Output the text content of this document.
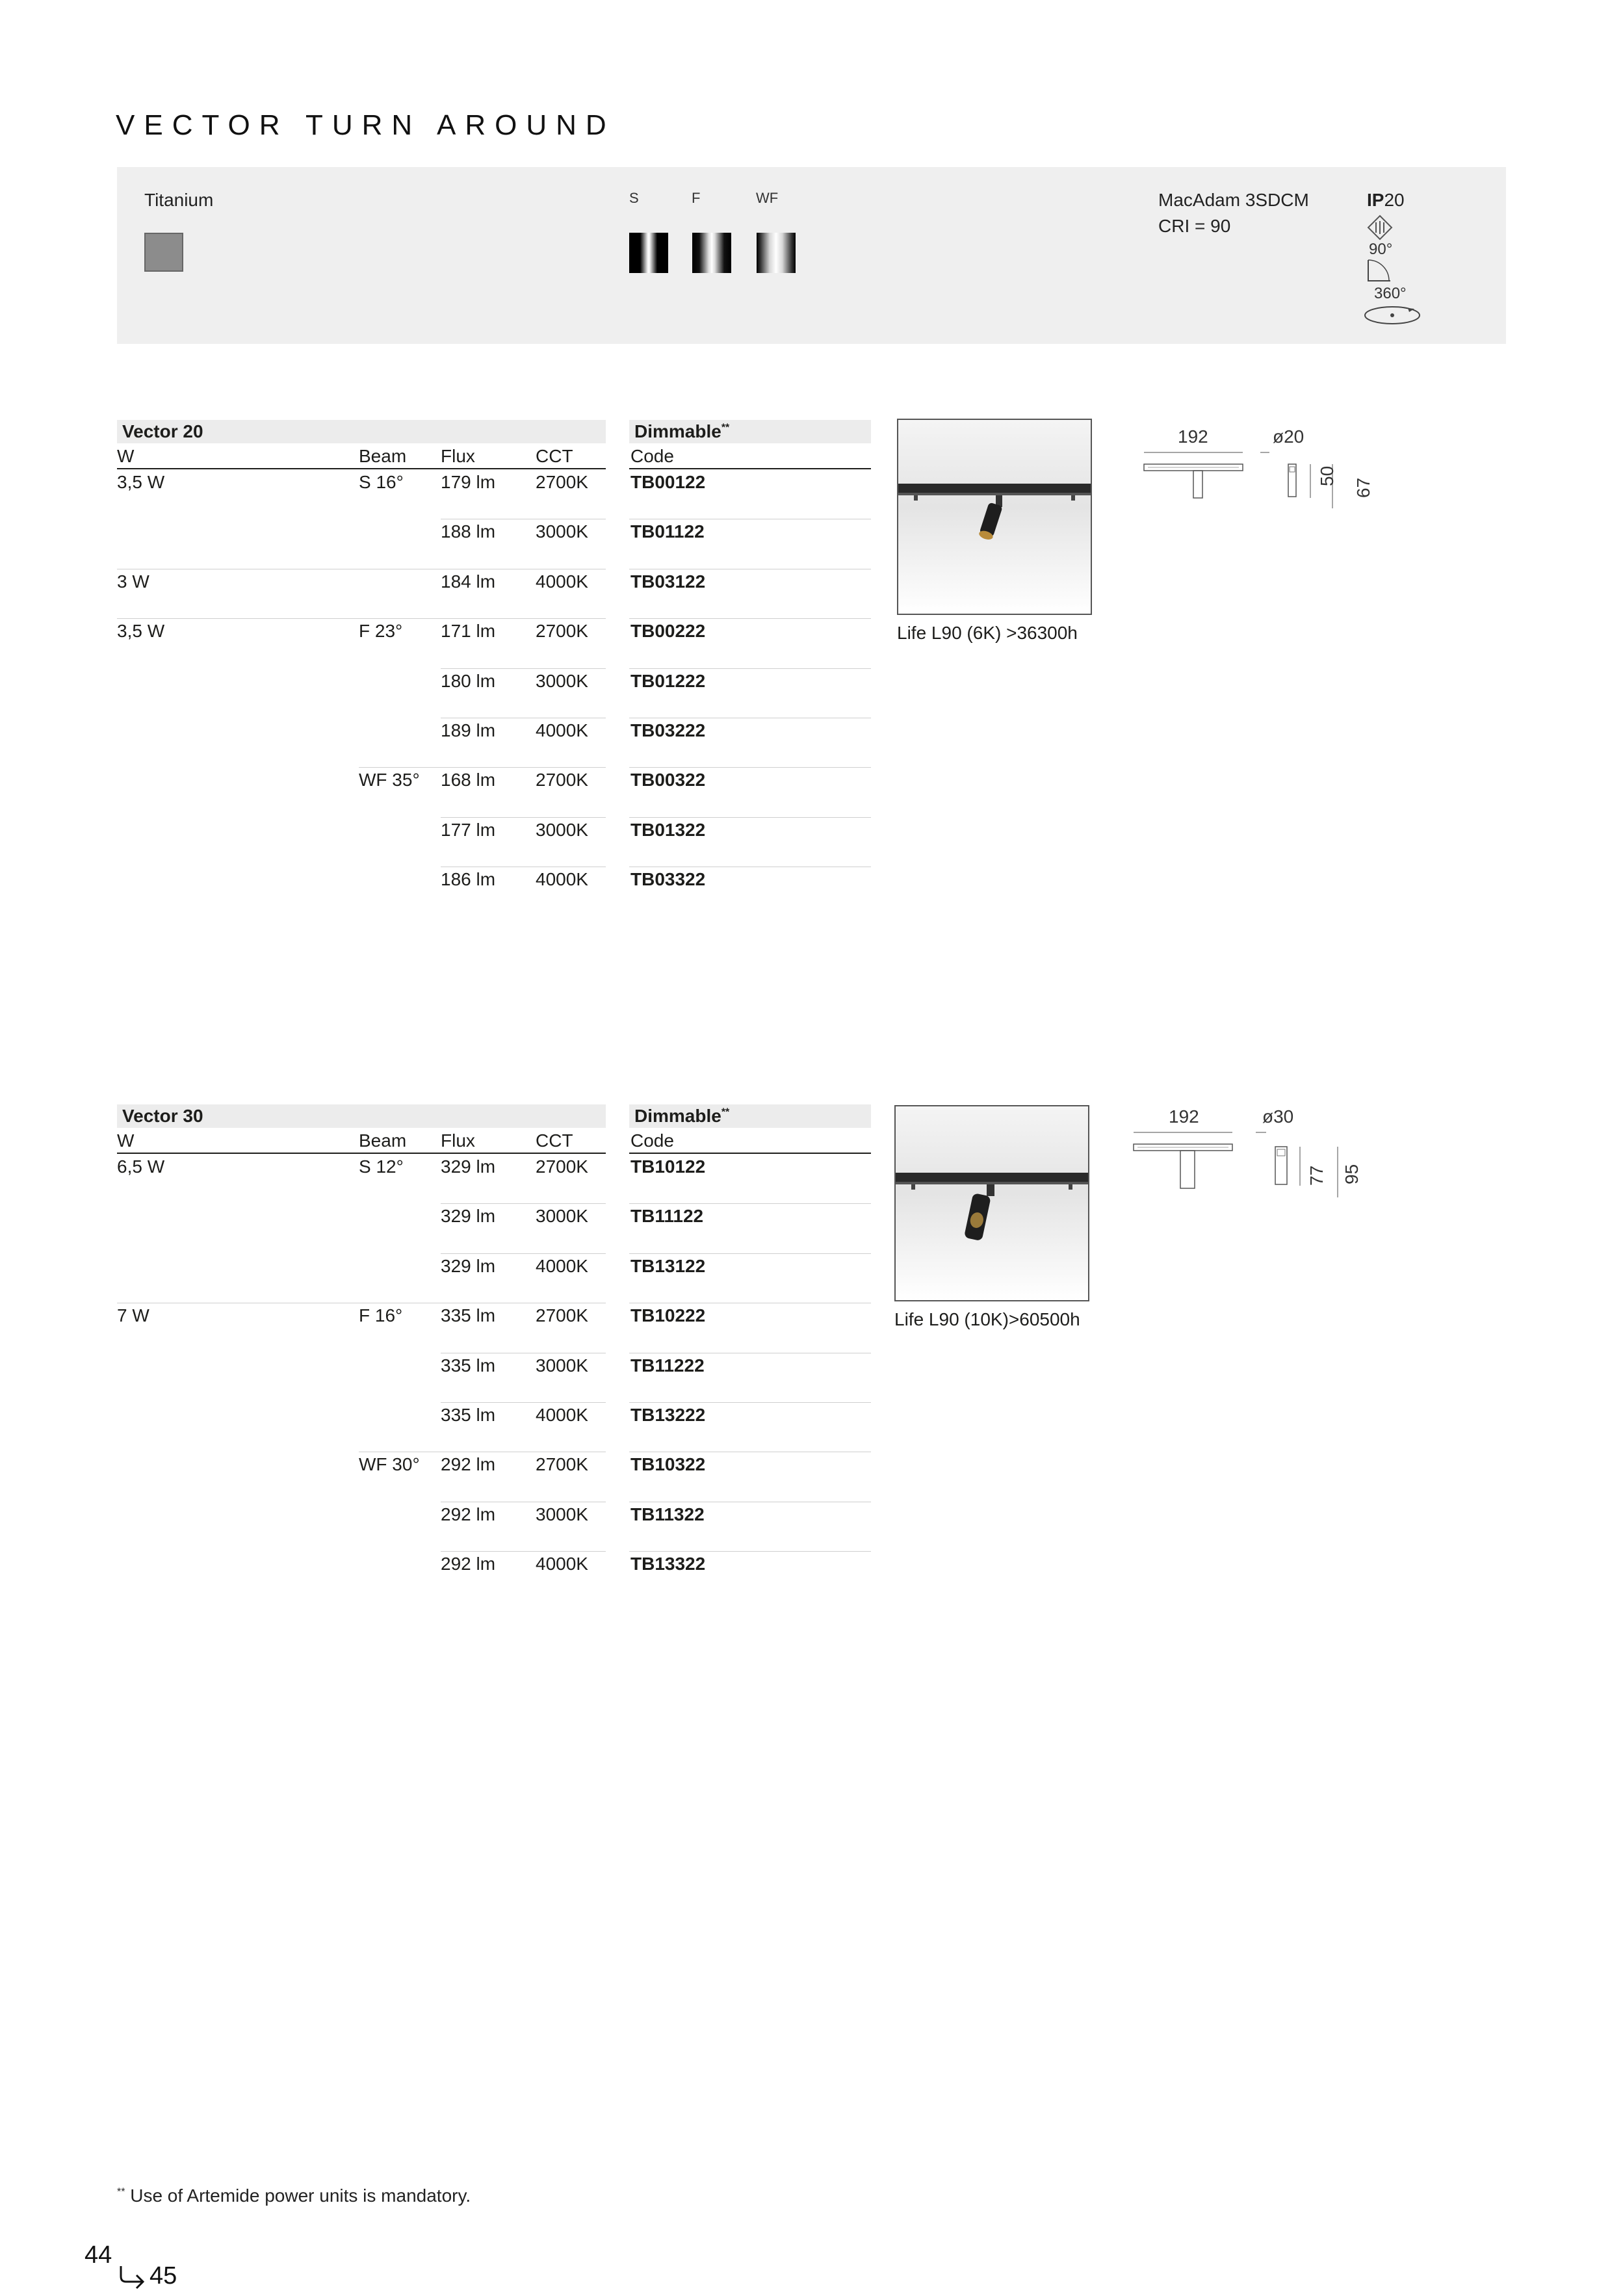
VECTOR TURN AROUND
Titanium	S	F	WF	MacAdam 3SDCM
CRI = 90
IP20
90°
360°
Vector 20	Dimmable**
W	Beam Flux	CCT	Code
3,5 W	S 16° 179 lm 2700K TB00122
188 lm 3000K TB01122
3 W	184 lm 4000K TB03122
3,5 W	F 23° 171 lm 2700K TB00222
180 lm 3000K TB01222
189 lm 4000K TB03222
WF 35° 168 lm 2700K TB00322
177 lm 3000K TB01322
186 lm 4000K TB03322
Life L90 (6K) >36300h
192	ø20
50
67
Vector 30	Dimmable**
W	Beam Flux	CCT	Code
6,5 W	S 12° 329 lm 2700K TB10122
329 lm 3000K TB11122
329 lm 4000K TB13122
7 W	F 16° 335 lm 2700K TB10222
335 lm 3000K TB11222
335 lm 4000K TB13222
WF 30° 292 lm 2700K TB10322
292 lm 3000K TB11322
292 lm 4000K TB13322
Life L90 (10K)>60500h
192	ø30
77 95
** Use of Artemide power units is mandatory.
44
45
